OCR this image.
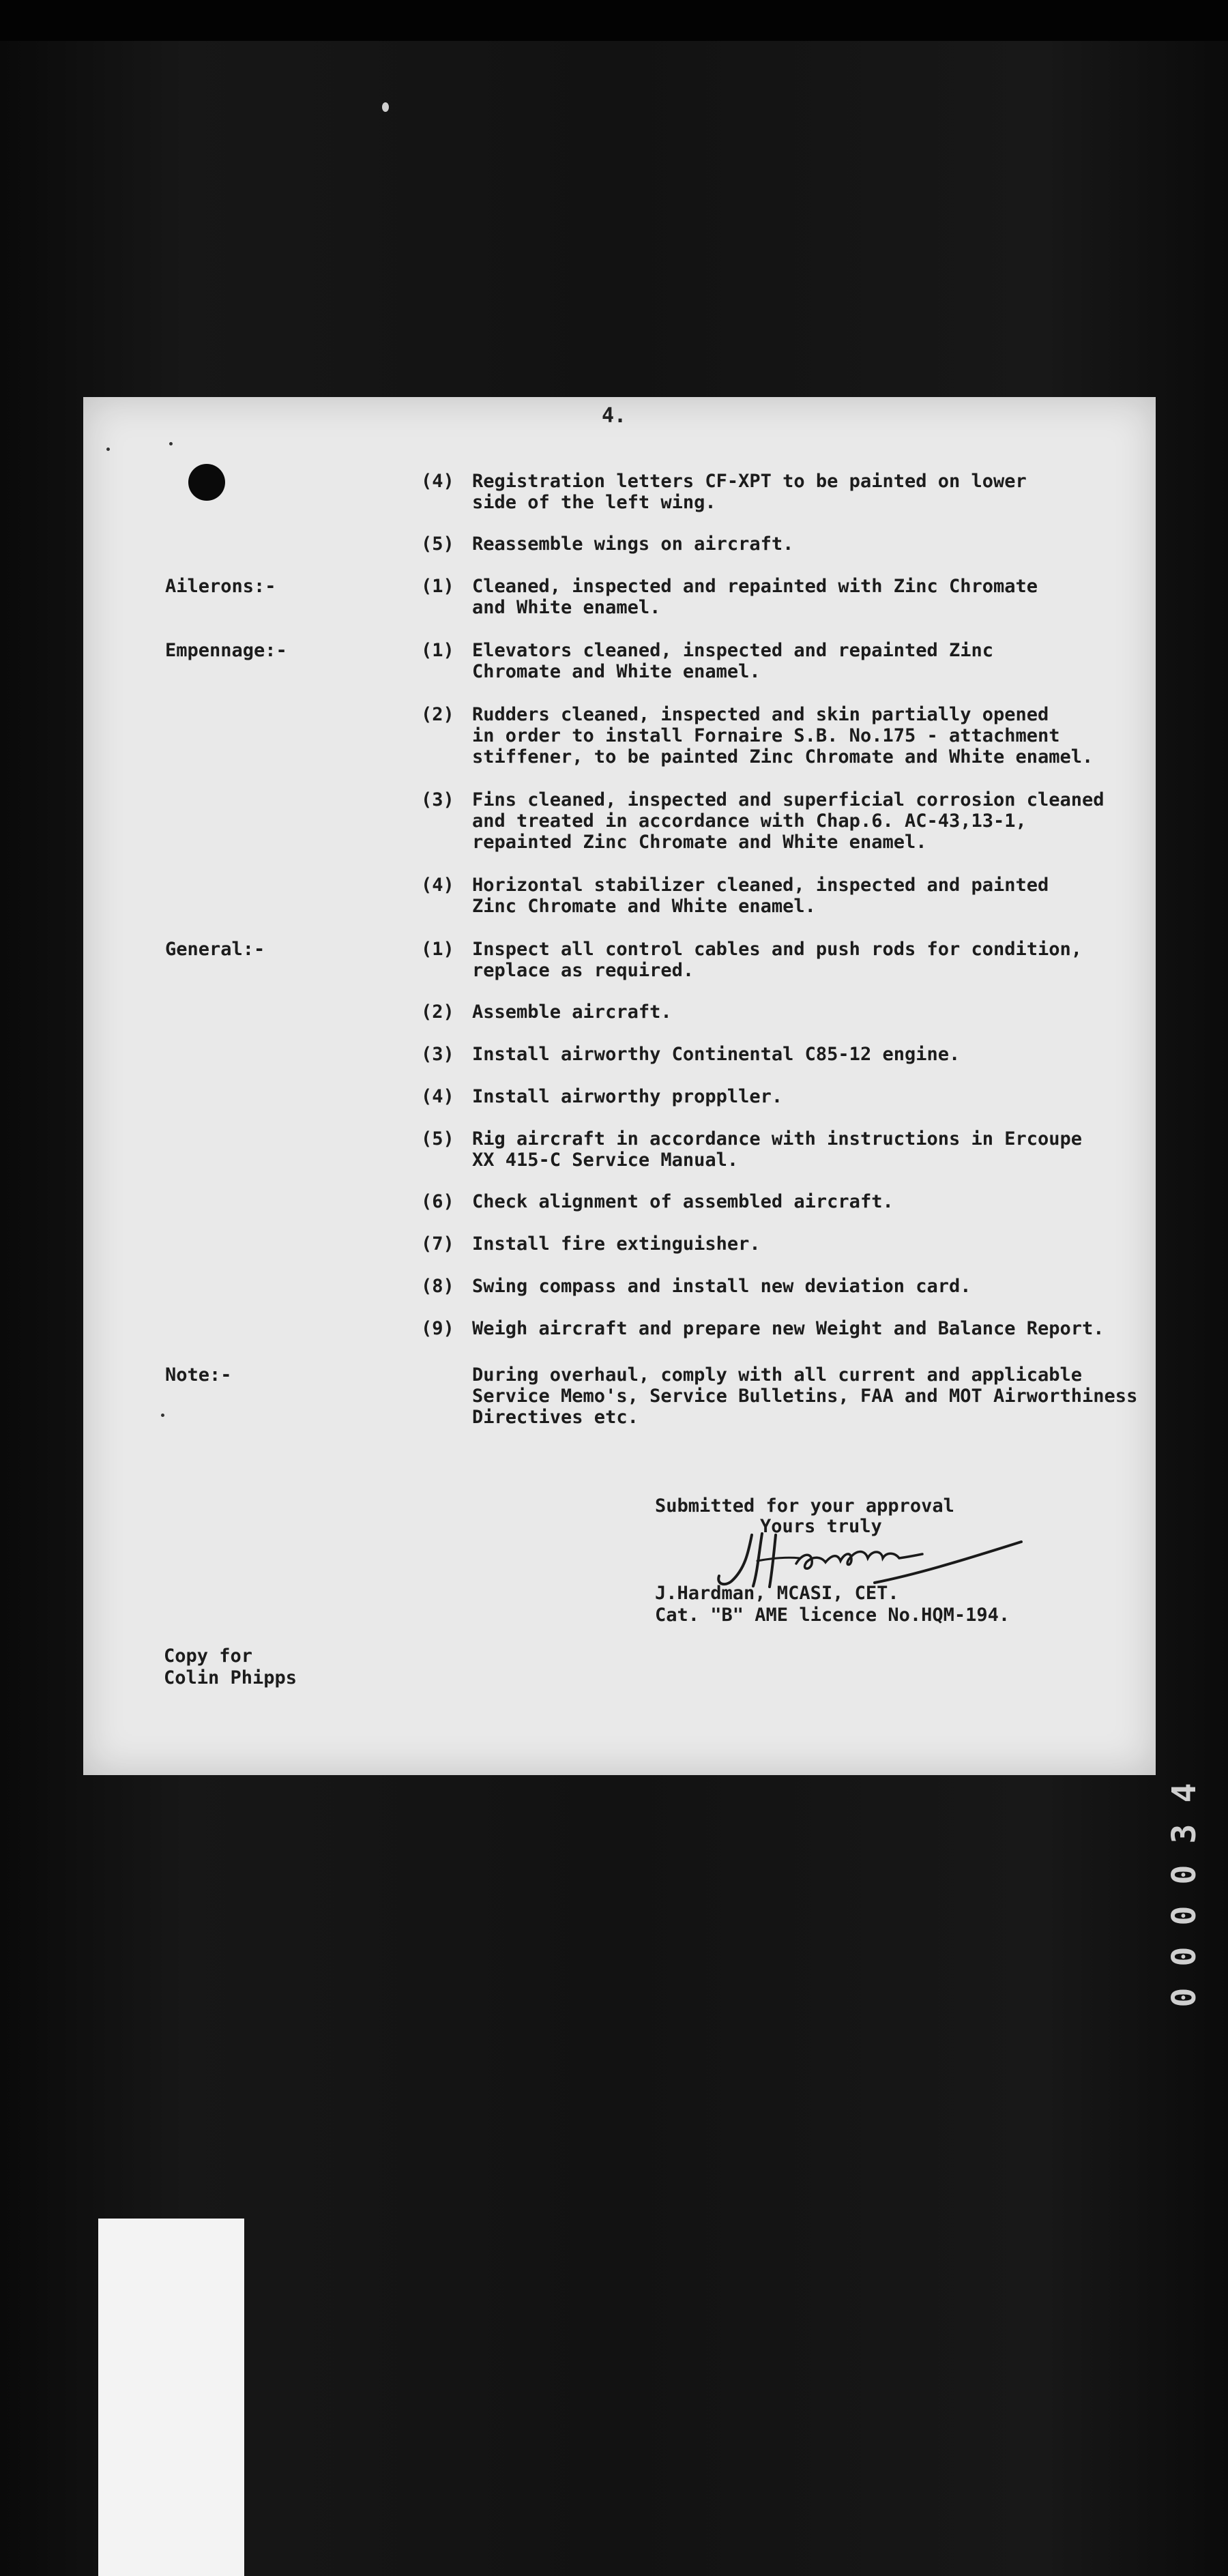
4.
(4) Registration letters CF-XPT to be painted on lower
side of the left wing.
(5) Reassemble wings on aircraft.
Ailerons:-	(1) Cleaned, inspected and repainted with Zinc Chromate
and White enamel.
Empennage:-	(1) Elevators cleaned, inspected and repainted Zinc
Chromate and White enamel.
(2) Rudders cleaned, inspected and skin partially opened
in order to install Fornaire S.B. No.175 - attachment
stiffener, to be painted Zinc Chromate and White enamel.
(3) Fins cleaned, inspected and superficial corrosion cleaned
and treated in accordance with Chap.6. AC-43,13-1,
repainted Zinc Chromate and White enamel.
(4) Horizontal stabilizer cleaned, inspected and painted
Zinc Chromate and White enamel.
General:-	(1) Inspect all control cables and push rods for condition,
replace as required.
(2) Assemble aircraft.
(3) Install airworthy Continental C85-12 engine.
(4) Install airworthy proppller.
(5) Rig aircraft in accordance with instructions in Ercoupe
XX 415-C Service Manual.
(6) Check alignment of assembled aircraft.
(7) Install fire extinguisher.
(8) Swing compass and install new deviation card.
(9) Weigh aircraft and prepare new Weight and Balance Report.
Note:-	During overhaul, comply with all current and applicable
Service Memo's, Service Bulletins, FAA and MOT Airworthiness
Directives etc.
Submitted for your approval
Yours truly
J.Hardman, MCASI, CET.
Cat. "B" AME licence No.HQM-194.
Copy for
Colin Phipps
4
3
0
0
0
0
